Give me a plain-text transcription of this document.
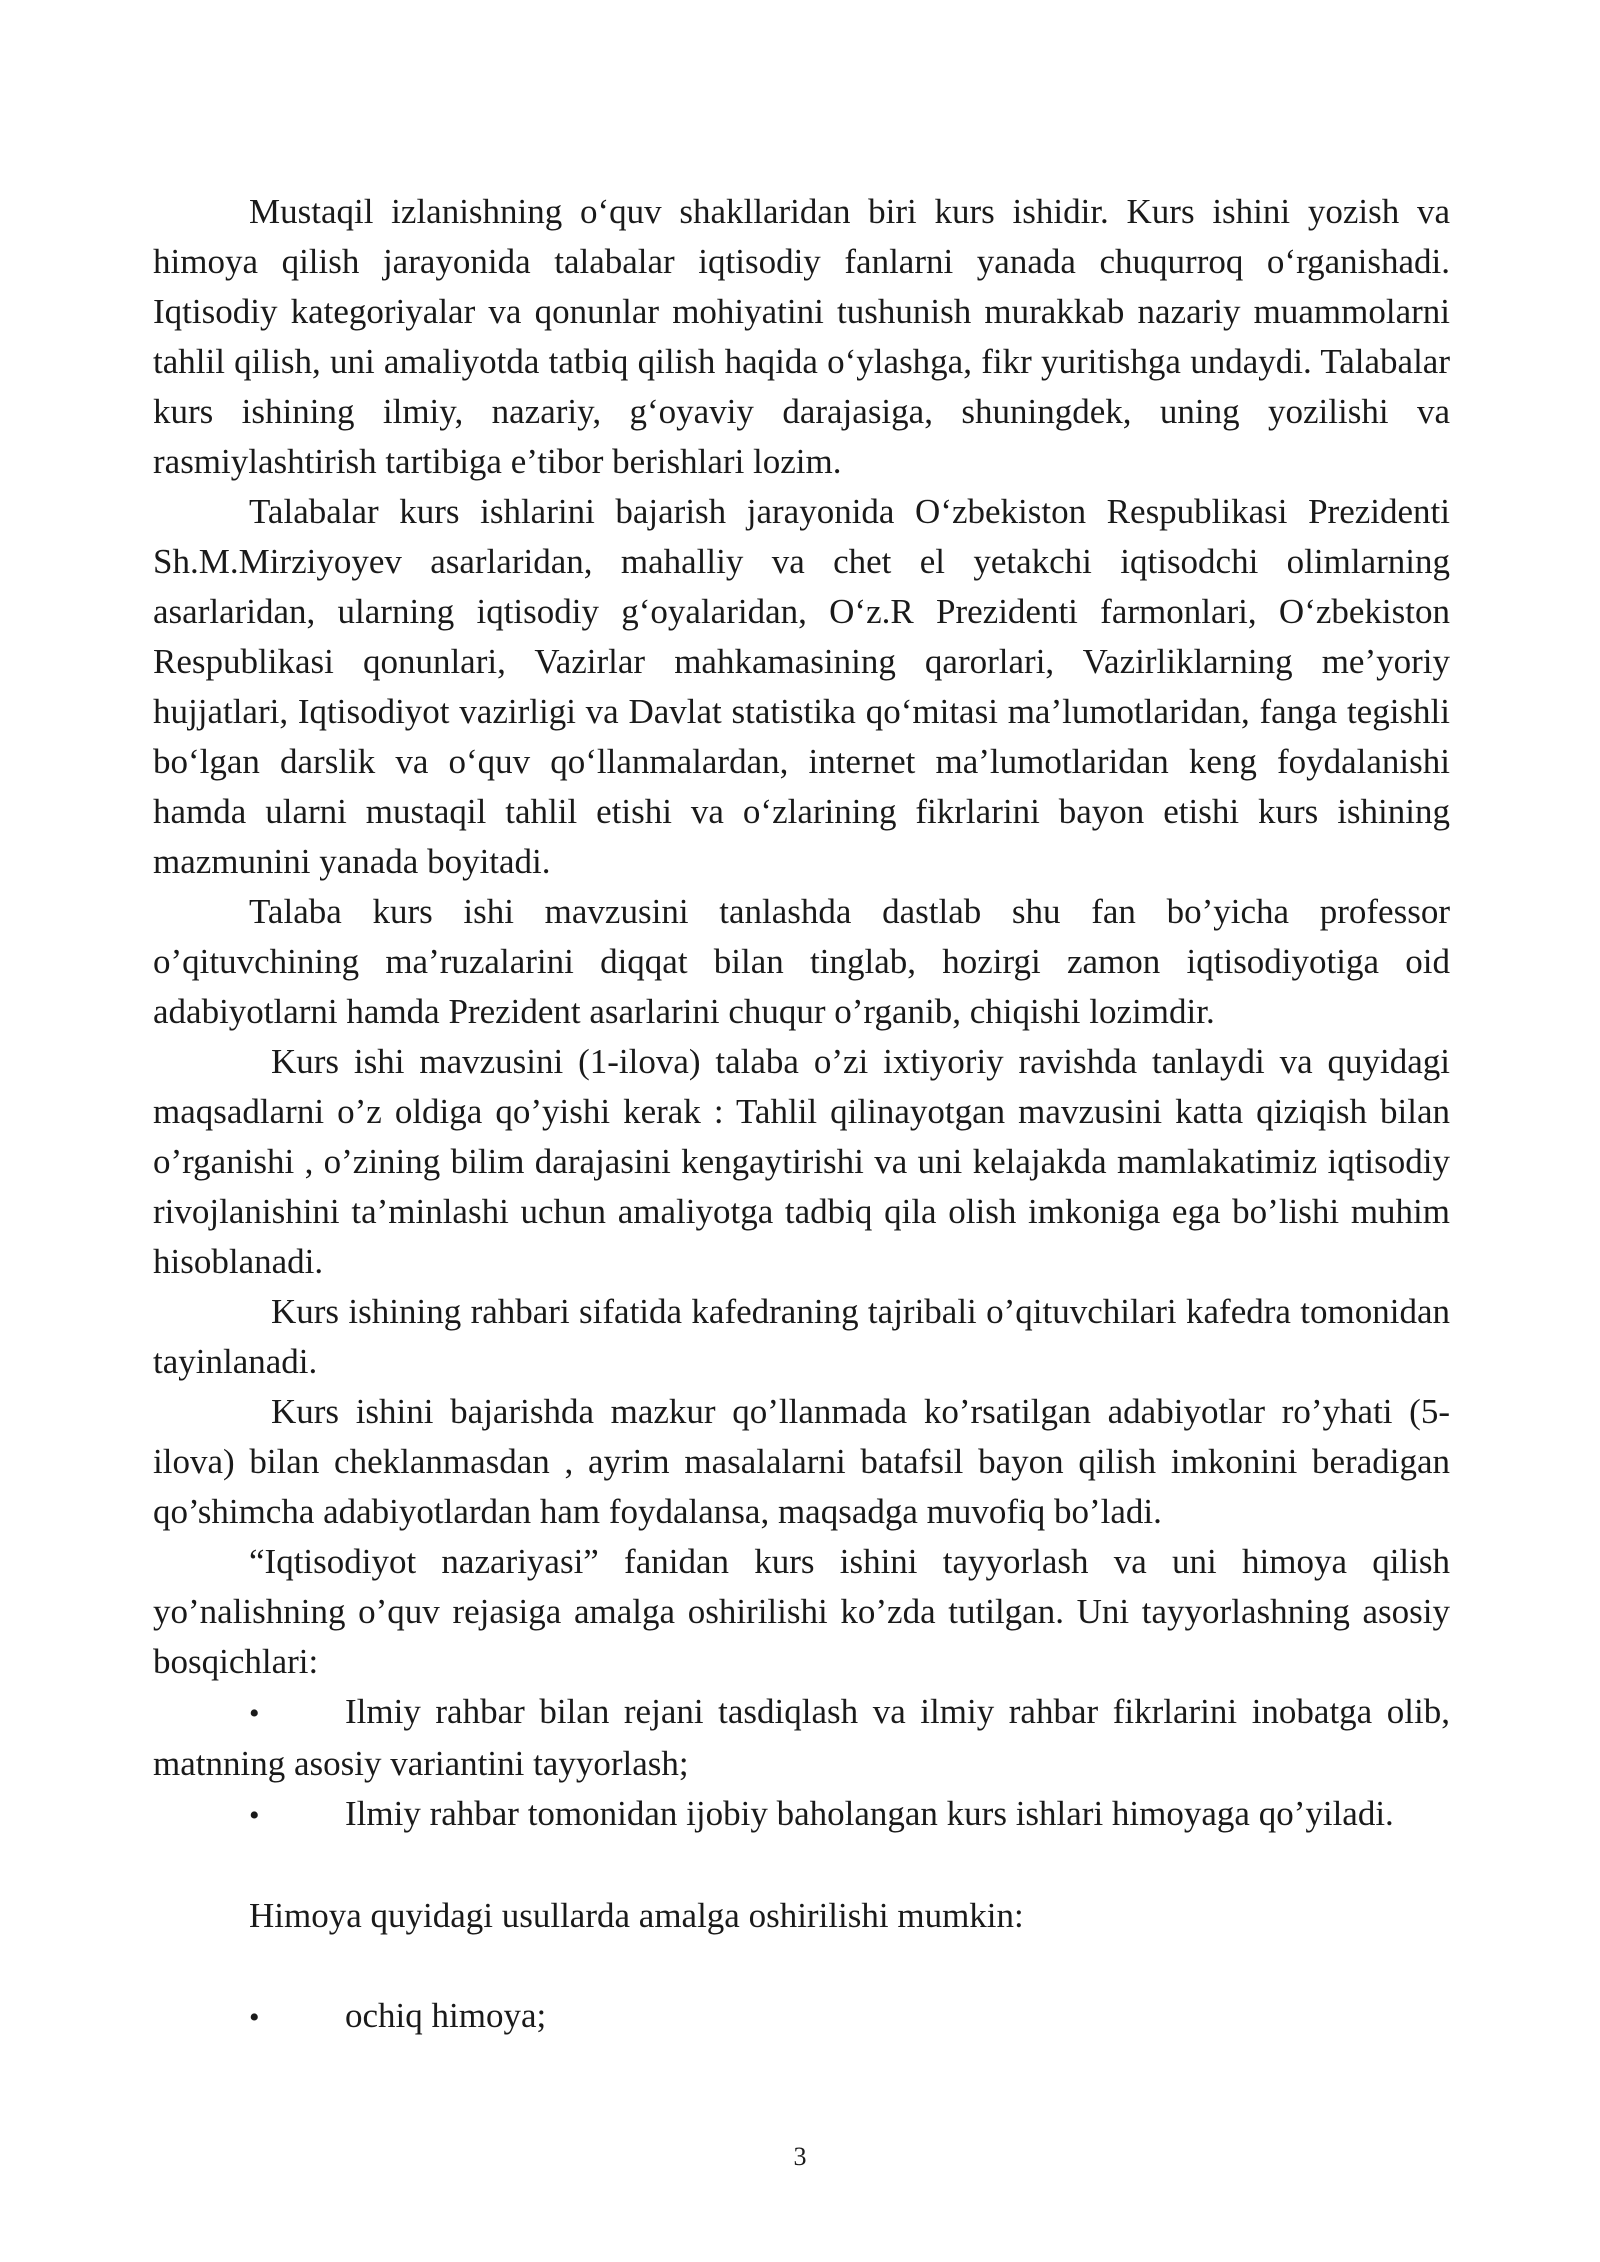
Mustaqil izlanishning o‘quv shakllaridan biri kurs ishidir. Kurs ishini yozish va himoya qilish jarayonida talabalar iqtisodiy fanlarni yanada chuqurroq o‘rganishadi. Iqtisodiy kategoriyalar va qonunlar mohiyatini tushunish murakkab nazariy muammolarni tahlil qilish, uni amaliyotda tatbiq qilish haqida o‘ylashga, fikr yuritishga undaydi. Talabalar kurs ishining ilmiy, nazariy, g‘oyaviy darajasiga, shuningdek, uning yozilishi va rasmiylashtirish tartibiga e’tibor berishlari lozim.

Talabalar kurs ishlarini bajarish jarayonida O‘zbekiston Respublikasi Prezidenti Sh.M.Mirziyoyev asarlaridan, mahalliy va chet el yetakchi iqtisodchi olimlarning asarlaridan, ularning iqtisodiy g‘oyalaridan, O‘z.R Prezidenti farmonlari, O‘zbekiston Respublikasi qonunlari, Vazirlar mahkamasining qarorlari, Vazirliklarning me’yoriy hujjatlari, Iqtisodiyot vazirligi va Davlat statistika qo‘mitasi ma’lumotlaridan, fanga tegishli bo‘lgan darslik va o‘quv qo‘llanmalardan, internet ma’lumotlaridan keng foydalanishi hamda ularni mustaqil tahlil etishi va o‘zlarining fikrlarini bayon etishi kurs ishining mazmunini yanada boyitadi.

Talaba kurs ishi mavzusini tanlashda dastlab shu fan bo’yicha professor o’qituvchining ma’ruzalarini diqqat bilan tinglab, hozirgi zamon iqtisodiyotiga oid adabiyotlarni hamda Prezident asarlarini chuqur o’rganib, chiqishi lozimdir.

Kurs ishi mavzusini (1-ilova) talaba o’zi ixtiyoriy ravishda tanlaydi va quyidagi maqsadlarni o’z oldiga qo’yishi kerak : Tahlil qilinayotgan mavzusini katta qiziqish bilan o’rganishi , o’zining bilim darajasini kengaytirishi va uni kelajakda mamlakatimiz iqtisodiy rivojlanishini ta’minlashi uchun amaliyotga tadbiq qila olish imkoniga ega bo’lishi muhim hisoblanadi.

Kurs ishining rahbari sifatida kafedraning tajribali o’qituvchilari kafedra tomonidan tayinlanadi.

Kurs ishini bajarishda mazkur qo’llanmada ko’rsatilgan adabiyotlar ro’yhati (5- ilova) bilan cheklanmasdan , ayrim masalalarni batafsil bayon qilish imkonini beradigan qo’shimcha adabiyotlardan ham foydalansa, maqsadga muvofiq bo’ladi.

“Iqtisodiyot nazariyasi” fanidan kurs ishini tayyorlash va uni himoya qilish yo’nalishning o’quv rejasiga amalga oshirilishi ko’zda tutilgan. Uni tayyorlashning asosiy bosqichlari:

• Ilmiy rahbar bilan rejani tasdiqlash va ilmiy rahbar fikrlarini inobatga olib, matnning asosiy variantini tayyorlash;

• Ilmiy rahbar tomonidan ijobiy baholangan kurs ishlari himoyaga qo’yiladi.

Himoya quyidagi usullarda amalga oshirilishi mumkin:

• ochiq himoya;

3
